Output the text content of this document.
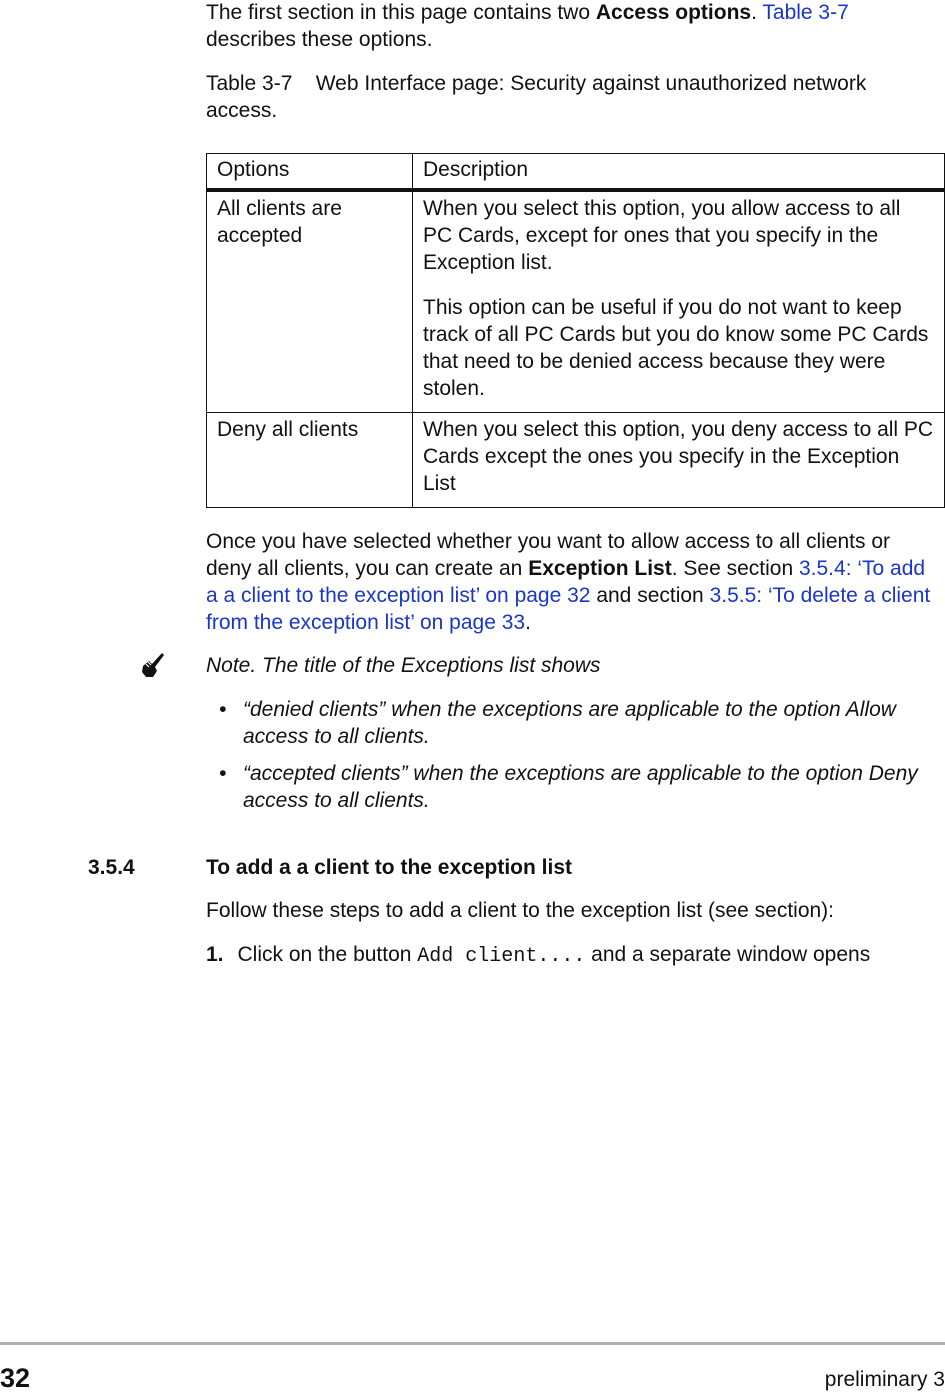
The first section in this page contains two Access options. Table 3-7 describes these options.
Table 3-7 Web Interface page: Security against unauthorized network access.
Options	Description
All clients are accepted	When you select this option, you allow access to all PC Cards, except for ones that you specify in the Exception list.

This option can be useful if you do not want to keep track of all PC Cards but you do know some PC Cards that need to be denied access because they were stolen.

Deny all clients	When you select this option, you deny access to all PC Cards except the ones you specify in the Exception List

Once you have selected whether you want to allow access to all clients or deny all clients, you can create an Exception List. See section 3.5.4: ‘To add a a client to the exception list’ on page 32 and section 3.5.5: ‘To delete a client from the exception list’ on page 33.
Note. The title of the Exceptions list shows
• “denied clients” when the exceptions are applicable to the option Allow access to all clients.
• “accepted clients” when the exceptions are applicable to the option Deny access to all clients.
3.5.4	To add a a client to the exception list
Follow these steps to add a client to the exception list (see section):
1. Click on the button Add client.... and a separate window opens
32	preliminary 3
